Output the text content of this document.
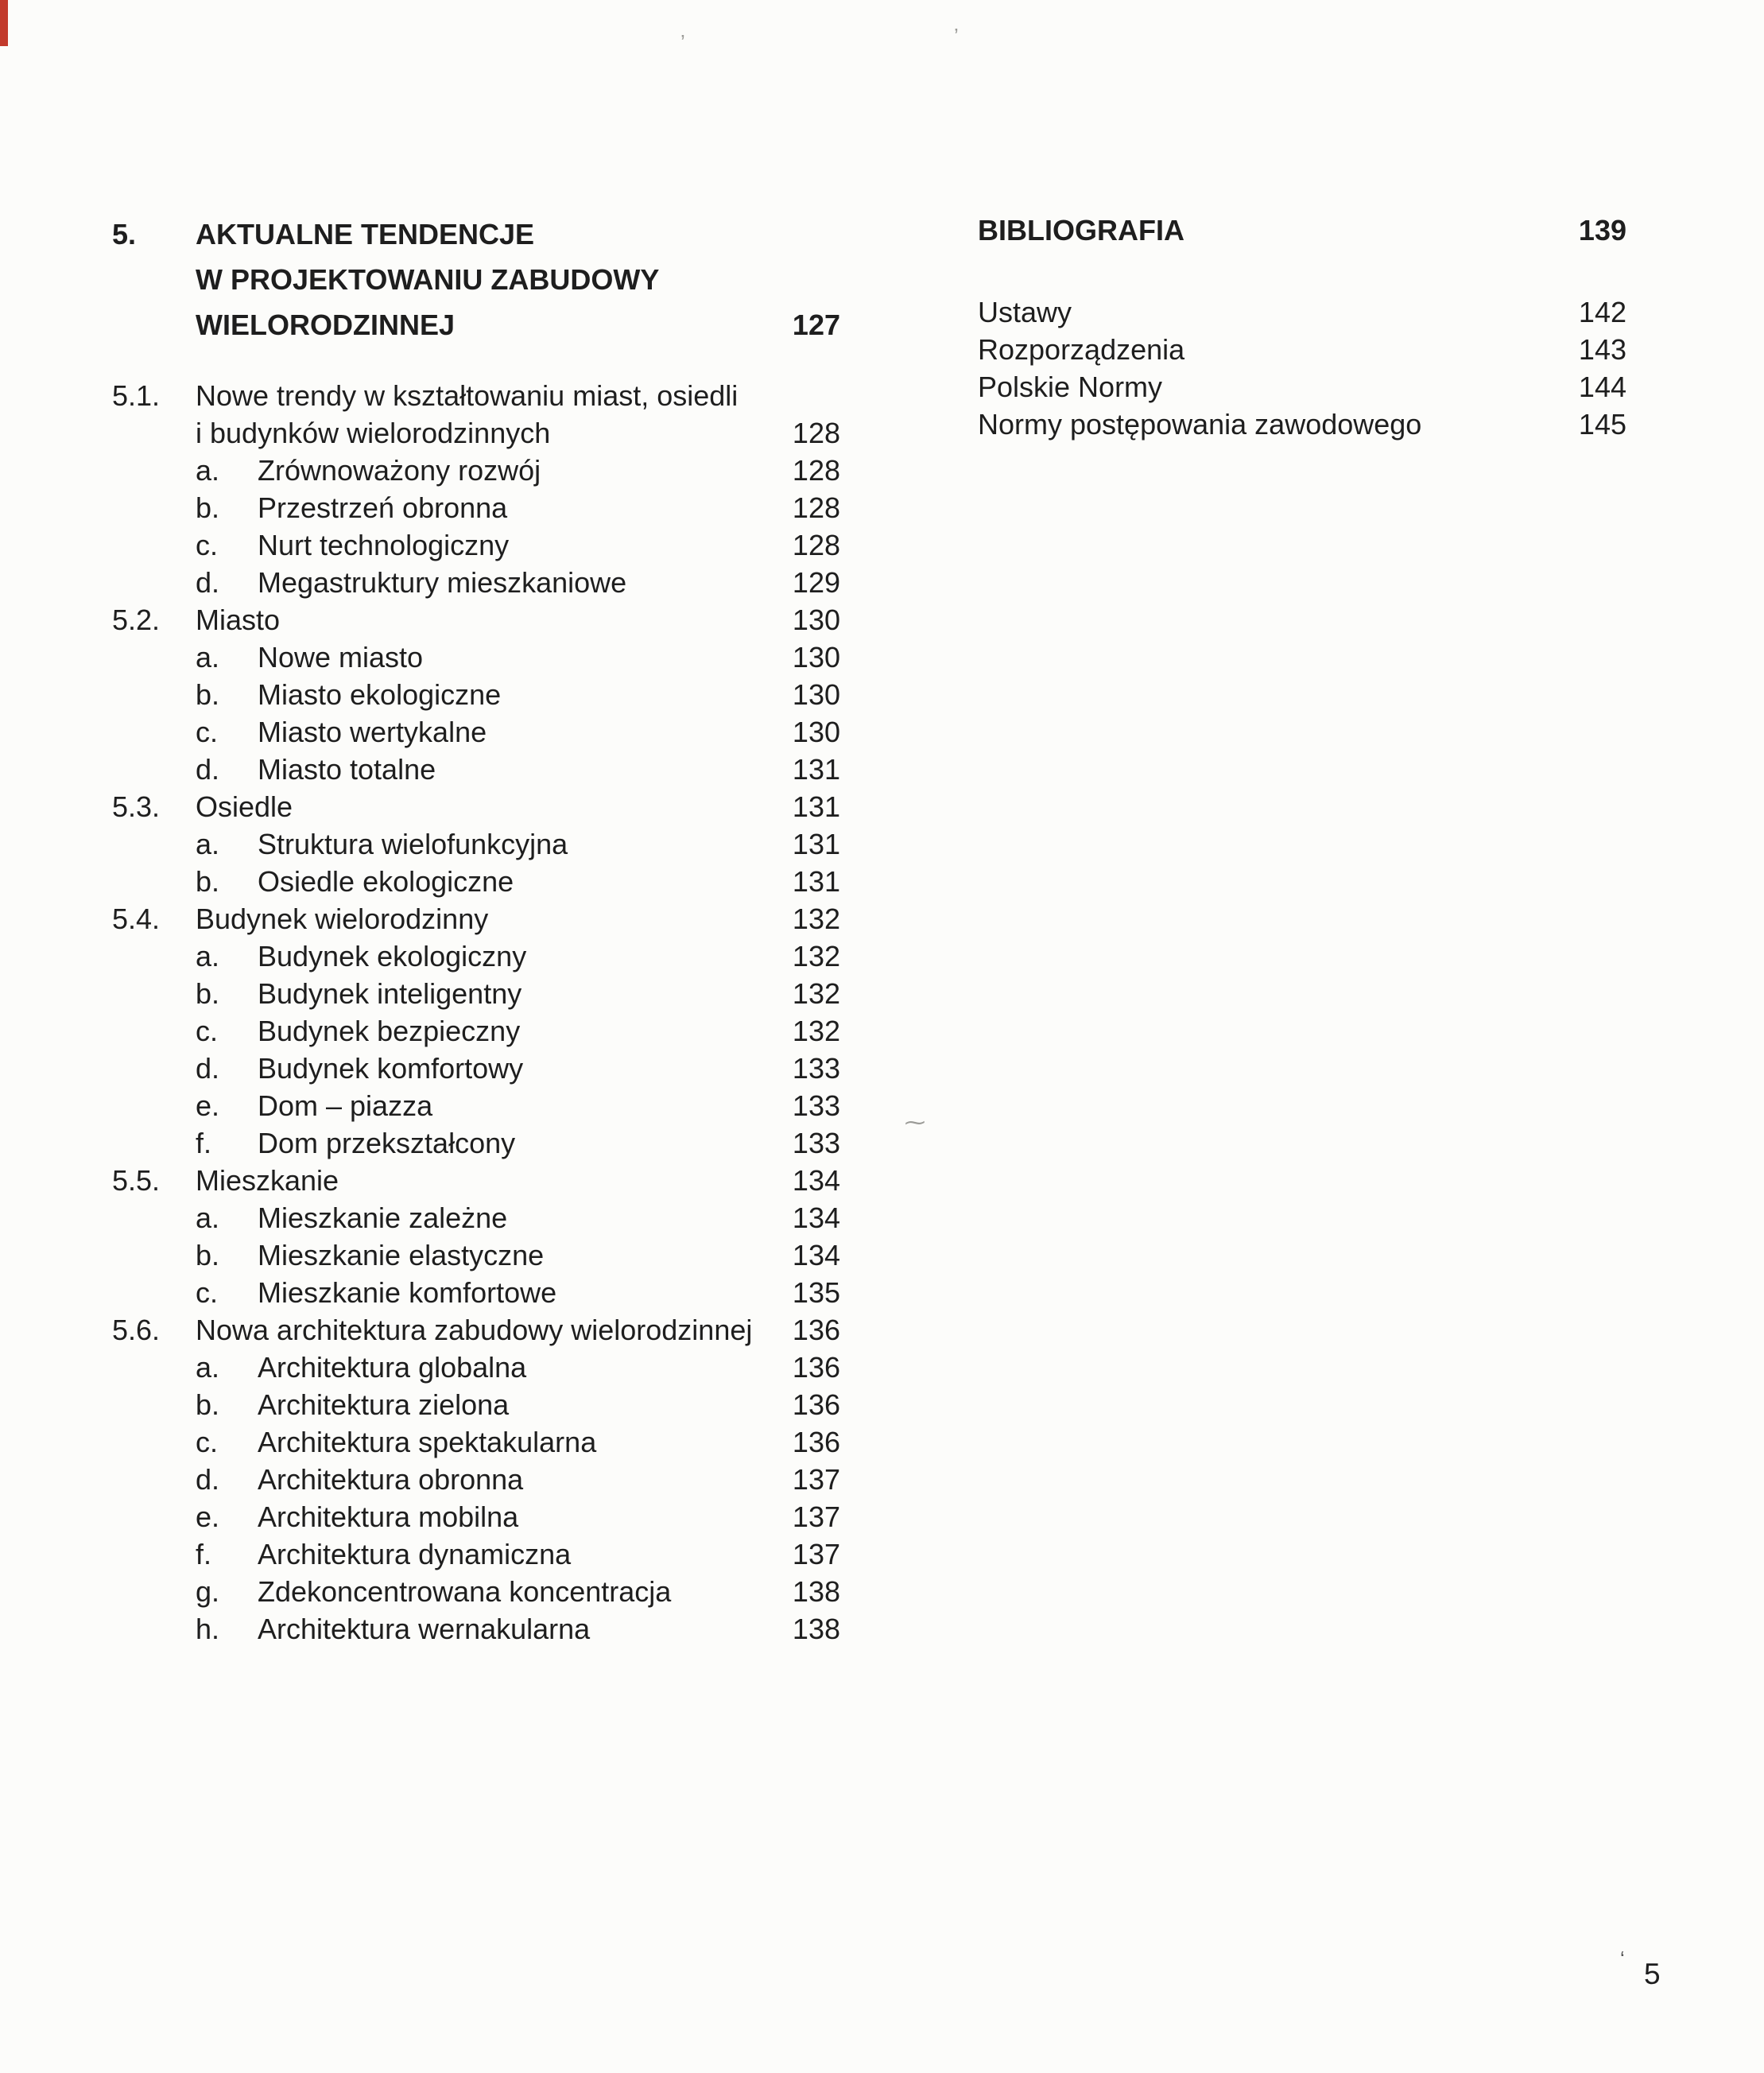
’	’
⁓
5.	AKTUALNE TENDENCJE
W PROJEKTOWANIU ZABUDOWY
WIELORODZINNEJ	127
5.1.	Nowe trendy w kształtowaniu miast, osiedli
i budynków wielorodzinnych	128
a.	Zrównoważony rozwój	128
b.	Przestrzeń obronna	128
c.	Nurt technologiczny	128
d.	Megastruktury mieszkaniowe	129
5.2.	Miasto	130
a.	Nowe miasto	130
b.	Miasto ekologiczne	130
c.	Miasto wertykalne	130
d.	Miasto totalne	131
5.3.	Osiedle	131
a.	Struktura wielofunkcyjna	131
b.	Osiedle ekologiczne	131
5.4.	Budynek wielorodzinny	132
a.	Budynek ekologiczny	132
b.	Budynek inteligentny	132
c.	Budynek bezpieczny	132
d.	Budynek komfortowy	133
e.	Dom – piazza	133
f.	Dom przekształcony	133
5.5.	Mieszkanie	134
a.	Mieszkanie zależne	134
b.	Mieszkanie elastyczne	134
c.	Mieszkanie komfortowe	135
5.6.	Nowa architektura zabudowy wielorodzinnej	136
a.	Architektura globalna	136
b.	Architektura zielona	136
c.	Architektura spektakularna	136
d.	Architektura obronna	137
e.	Architektura mobilna	137
f.	Architektura dynamiczna	137
g.	Zdekoncentrowana koncentracja	138
h.	Architektura wernakularna	138
BIBLIOGRAFIA	139
Ustawy	142
Rozporządzenia	143
Polskie Normy	144
Normy postępowania zawodowego	145
‘ 5
